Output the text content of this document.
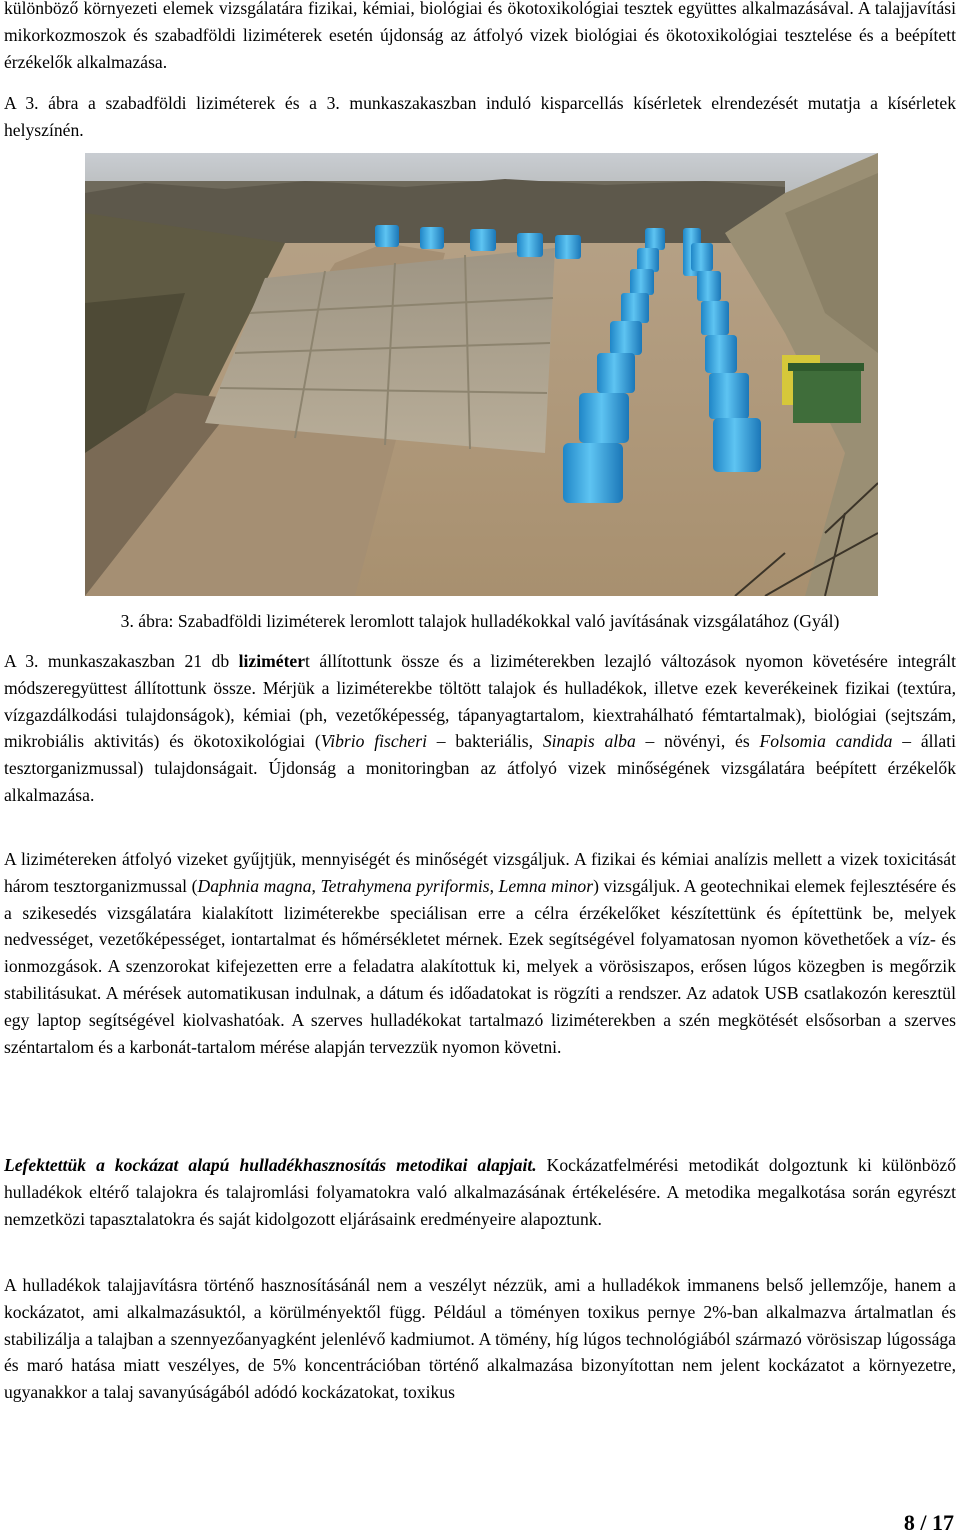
különböző környezeti elemek vizsgálatára fizikai, kémiai, biológiai és ökotoxikológiai tesztek együttes alkalmazásával. A talajjavítási mikorkozmoszok és szabadföldi liziméterek esetén újdonság az átfolyó vizek biológiai és ökotoxikológiai tesztelése és a beépített érzékelők alkalmazása.

A 3. ábra a szabadföldi liziméterek és a 3. munkaszakaszban induló kisparcellás kísérletek elrendezését mutatja a kísérletek helyszínén.

3. ábra: Szabadföldi liziméterek leromlott talajok hulladékokkal való javításának vizsgálatához (Gyál)

A 3. munkaszakaszban 21 db lizimétert állítottunk össze és a liziméterekben lezajló változások nyomon követésére integrált módszeregyüttest állítottunk össze. Mérjük a liziméterekbe töltött talajok és hulladékok, illetve ezek keverékeinek fizikai (textúra, vízgazdálkodási tulajdonságok), kémiai (ph, vezetőképesség, tápanyagtartalom, kiextrahálható fémtartalmak), biológiai (sejtszám, mikrobiális aktivitás) és ökotoxikológiai (Vibrio fischeri – bakteriális, Sinapis alba – növényi, és Folsomia candida – állati tesztorganizmussal) tulajdonságait. Újdonság a monitoringban az átfolyó vizek minőségének vizsgálatára beépített érzékelők alkalmazása.

A lizimétereken átfolyó vizeket gyűjtjük, mennyiségét és minőségét vizsgáljuk. A fizikai és kémiai analízis mellett a vizek toxicitását három tesztorganizmussal (Daphnia magna, Tetrahymena pyriformis, Lemna minor) vizsgáljuk. A geotechnikai elemek fejlesztésére és a szikesedés vizsgálatára kialakított liziméterekbe speciálisan erre a célra érzékelőket készítettünk és építettünk be, melyek nedvességet, vezetőképességet, iontartalmat és hőmérsékletet mérnek. Ezek segítségével folyamatosan nyomon követhetőek a víz- és ionmozgások. A szenzorokat kifejezetten erre a feladatra alakítottuk ki, melyek a vörösiszapos, erősen lúgos közegben is megőrzik stabilitásukat. A mérések automatikusan indulnak, a dátum és időadatokat is rögzíti a rendszer. Az adatok USB csatlakozón keresztül egy laptop segítségével kiolvashatóak. A szerves hulladékokat tartalmazó liziméterekben a szén megkötését elsősorban a szerves széntartalom és a karbonát-tartalom mérése alapján tervezzük nyomon követni.

Lefektettük a kockázat alapú hulladékhasznosítás metodikai alapjait. Kockázatfelmérési metodikát dolgoztunk ki különböző hulladékok eltérő talajokra és talajromlási folyamatokra való alkalmazásának értékelésére. A metodika megalkotása során egyrészt nemzetközi tapasztalatokra és saját kidolgozott eljárásaink eredményeire alapoztunk.

A hulladékok talajjavításra történő hasznosításánál nem a veszélyt nézzük, ami a hulladékok immanens belső jellemzője, hanem a kockázatot, ami alkalmazásuktól, a körülményektől függ. Például a töményen toxikus pernye 2%-ban alkalmazva ártalmatlan és stabilizálja a talajban a szennyezőanyagként jelenlévő kadmiumot. A tömény, híg lúgos technológiából származó vörösiszap lúgossága és maró hatása miatt veszélyes, de 5% koncentrációban történő alkalmazása bizonyítottan nem jelent kockázatot a környezetre, ugyanakkor a talaj savanyúságából adódó kockázatokat, toxikus

8 / 17
